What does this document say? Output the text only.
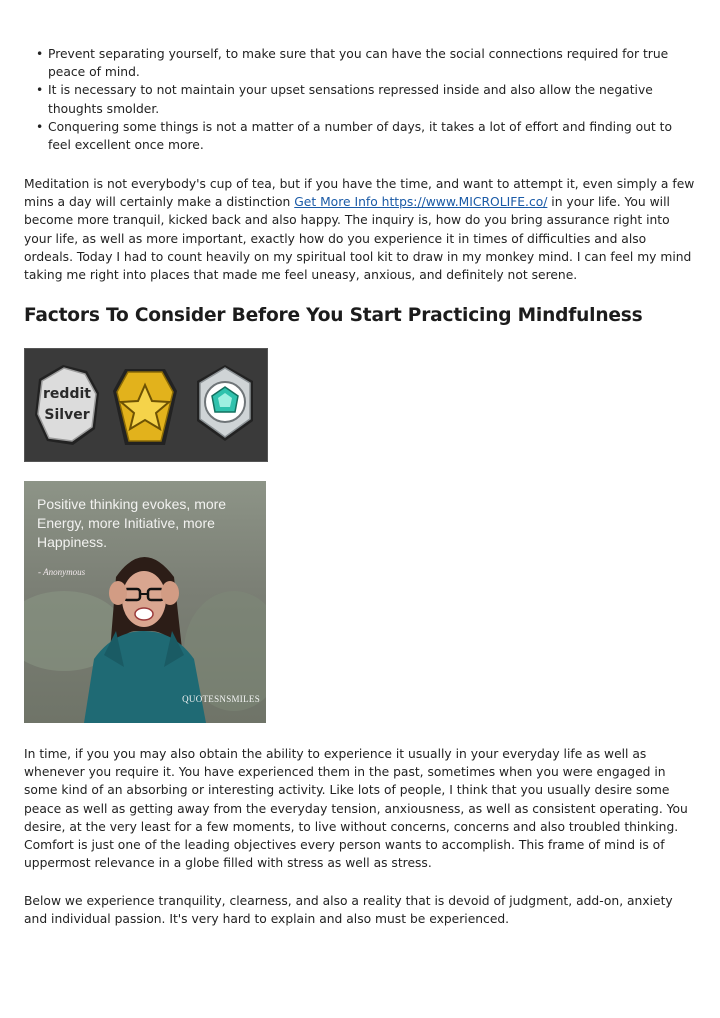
• Prevent separating yourself, to make sure that you can have the social connections required for true peace of mind.
• It is necessary to not maintain your upset sensations repressed inside and also allow the negative thoughts smolder.
• Conquering some things is not a matter of a number of days, it takes a lot of effort and finding out to feel excellent once more.

Meditation is not everybody's cup of tea, but if you have the time, and want to attempt it, even simply a few mins a day will certainly make a distinction Get More Info https://www.MICROLIFE.co/ in your life. You will become more tranquil, kicked back and also happy. The inquiry is, how do you bring assurance right into your life, as well as more important, exactly how do you experience it in times of difficulties and also ordeals. Today I had to count heavily on my spiritual tool kit to draw in my monkey mind. I can feel my mind taking me right into places that made me feel uneasy, anxious, and definitely not serene.

Factors To Consider Before You Start Practicing Mindfulness
reddit
Silver
Positive thinking evokes, more Energy, more Initiative, more Happiness.
- Anonymous
QUOTESNSMILES

In time, if you you may also obtain the ability to experience it usually in your everyday life as well as whenever you require it. You have experienced them in the past, sometimes when you were engaged in some kind of an absorbing or interesting activity. Like lots of people, I think that you usually desire some peace as well as getting away from the everyday tension, anxiousness, as well as consistent operating. You desire, at the very least for a few moments, to live without concerns, concerns and also troubled thinking. Comfort is just one of the leading objectives every person wants to accomplish. This frame of mind is of uppermost relevance in a globe filled with stress as well as stress.

Below we experience tranquility, clearness, and also a reality that is devoid of judgment, add-on, anxiety and individual passion. It's very hard to explain and also must be experienced.
